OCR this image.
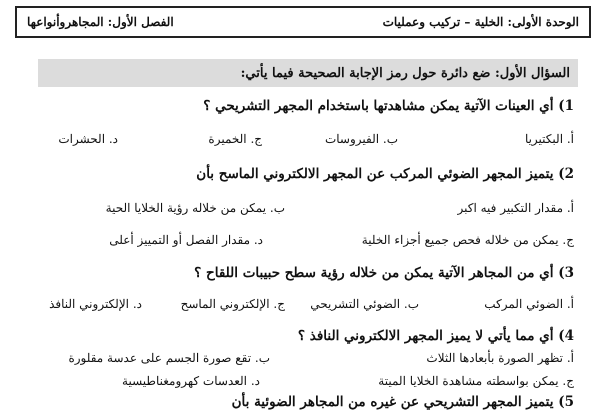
الوحدة الأولى: الخلية – تركيب وعمليات
الفصل الأول: المجاهروأنواعها
السؤال الأول: ضع دائرة حول رمز الإجابة الصحيحة فيما يأتي:
1) أي العينات الآتية يمكن مشاهدتها باستخدام المجهر التشريحي ؟
أ. البكتيريا
ب. الفيروسات
ج. الخميرة
د. الحشرات
2) يتميز المجهر الضوئي المركب عن المجهر الالكتروني الماسح بأن
أ. مقدار التكبير فيه اكبر
ب. يمكن من خلاله رؤية الخلايا الحية
ج. يمكن من خلاله فحص جميع أجزاء الخلية
د. مقدار الفصل أو التمييز أعلى
3) أي من المجاهر الآتية يمكن من خلاله رؤية سطح حبيبات اللقاح ؟
أ. الضوئي المركب
ب. الضوئي التشريحي
ج. الإلكتروني الماسح
د. الإلكتروني النافذ
4) أي مما يأتي لا يميز المجهر الالكتروني النافذ ؟
أ. تظهر الصورة بأبعادها الثلاث
ب. تقع صورة الجسم على عدسة مقلورة
ج. يمكن بواسطته مشاهدة الخلايا الميتة
د. العدسات كهرومغناطيسية
5) يتميز المجهر التشريحي عن غيره من المجاهر الضوئية بأن
